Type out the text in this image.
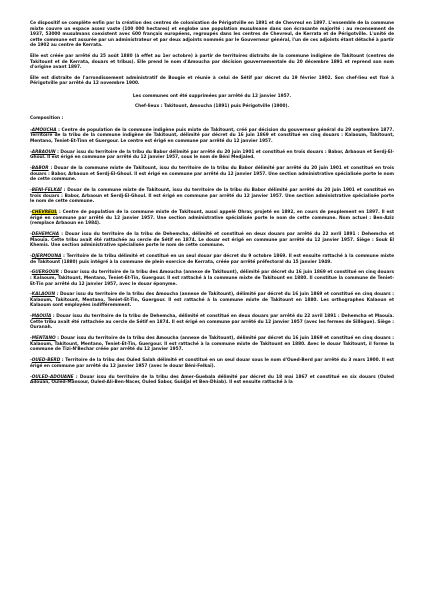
Ce dispositif se complète enfin par la création des centres de colonisation de Périgotville en 1891 et de Chevreul en 1897. L'ensemble de la commune mixte couvre un espace assez vaste (100 000 hectares) et englobe une population musulmane dans son écrasante majorité : au recensement de 1937, 53000 musulmans coexistent avec 600 français européens, regroupés dans les centres de Chevreul, de Kerrata et de Périgotville. L'unité de cette commune est assurée par un administrateur et par deux adjoints nommés par le Gouverneur général, l'un de ces adjoints étant détaché à partir de 1902 au centre de Kerrata.

Elle est créée par arrêté du 25 août 1880 (à effet au 1er octobre) à partir de territoires distraits de la commune indigène de Takitount (centres de Takitount et de Kerrata, douars et tribus). Elle prend le nom d'Amoucha par décision gouvernementale du 20 décembre 1891 et reprend son nom d'origine avant 1897.

Elle est distraite de l'arrondissement administratif de Bougie et réunie à celui de Sétif par décret du 19 février 1902. Son chef-lieu est fixé à Périgotville par arrêté du 12 novembre 1900.

Les communes ont été supprimées par arrêté du 12 janvier 1957.

Chef-lieux : Takitount, Amoucha (1891) puis Périgotville (1900).

Composition :

-AMOUCHA : Centre de population de la commune indigène puis mixte de Takitount, créé par décision du gouverneur général du 29 septembre 1877. Territoire de la tribu de la commune indigène de Takitount, délimité par décret du 16 juin 1869 et constitué en cinq douars : Kalaoum, Takitount, Mentano, Teniet-Et-Tinn et Guergour. Le centre est érigé en commune par arrêté du 12 janvier 1957.

-ARBAOUN : Douar issu du territoire de la tribu du Babor délimité par arrêté du 20 juin 1901 et constitué en trois douars : Babor, Arbaoun et Serdj-El-Ghoul. Il est érigé en commune par arrêté du 12 janvier 1957, sous le nom de Béni Medjaled.

-BABOR : Douar de la commune mixte de Takitount, issu du territoire de la tribu du Babor délimité par arrêté du 20 juin 1901 et constitué en trois douars : Babor, Arbaoun et Serdj-El-Ghoul. Il est érigé en commune par arrêté du 12 janvier 1957. Une section administrative spécialisée porte le nom de cette commune.

-BENI-FELKAÏ : Douar de la commune mixte de Takitount, issu du territoire de la tribu du Babor délimité par arrêté du 20 juin 1901 et constitué en trois douars : Babor, Arbaoun et Serdj-El-Ghoul. Il est érigé en commune par arrêté du 12 janvier 1957. Une section administrative spécialisée porte le nom de cette commune.

-CHEVREUL : Centre de population de la commune mixte de Takitount, aussi appelé Ohrar, projeté en 1892, en cours de peuplement en 1897. Il est érigé en commune par arrêté du 12 janvier 1957. Une section administrative spécialisée porte le nom de cette commune. Nom actuel : Ben-Aziz (remplace Arbaoun en 1984).

-DEHEMCHA : Douar issu du territoire de la tribu de Dehemcha, délimité et constitué en deux douars par arrêté du 22 avril 1891 : Dehemcha et Maouïa. Cette tribu avait été rattachée au cercle de Sétif en 1874. Le douar est érigé en commune par arrêté du 12 janvier 1957. Siège : Souk El Khemis. Une section administrative spécialisée porte le nom de cette commune.

-DJERMOUNA : Territoire de la tribu délimité et constitué en un seul douar par décret du 9 octobre 1869. Il est ensuite rattaché à la commune mixte de Takitount (1880) puis intégré à la commune de plein exercice de Kerrata, créée par arrêté préfectoral du 15 janvier 1949.

-GUERGOUR : Douar issu du territoire de la tribu des Amoucha (annexe de Takitount), délimité par décret du 16 juin 1869 et constitué en cinq douars : Kalaoum, Takitount, Mentano, Teniet-Et-Tin, Guergour. Il est rattaché à la commune mixte de Takitount en 1880. Il constitue la commune de Teniet-Et-Tin par arrêté du 12 janvier 1957, avec le douar éponyme.

-KALAOUN : Douar issu du territoire de la tribu des Amoucha (annexe de Takitount), délimité par décret du 16 juin 1869 et constitué en cinq douars : Kalaoum, Takitount, Mentano, Teniet-Et-Tin, Guergour. Il est rattaché à la commune mixte de Takitount en 1880. Les orthographes Kalaoun et Kalaoum sont employées indifféremment.

-MAOUÏA : Douar issu du territoire de la tribu de Dehemcha, délimité et constitué en deux douars par arrêté du 22 avril 1891 : Dehemcha et Maouïa. Cette tribu avait été rattachée au cercle de Sétif en 1874. Il est érigé en commune par arrêté du 12 janvier 1957 (avec les fermes de Sillègue). Siège : Ouranah.

-MENTANO : Douar issu du territoire de la tribu des Amoucha (annexe de Takitount), délimité par décret du 16 juin 1869 et constitué en cinq douars : Kalaoum, Takitount, Mentano, Teniet-Et-Tin, Guergour. Il est rattaché à la commune mixte de Takitount en 1880. Avec le douar Takitount, il forme la commune de Tizi-N'Bechar créée par arrêté du 12 janvier 1957.

-OUED-BERD : Territoire de la tribu des Ouled Salah délimité et constitué en un seul douar sous le nom d'Oued-Berd par arrêté du 3 mars 1900. Il est érigé en commune par arrêté du 12 janvier 1957 (avec le douar Béni-Felkaï).

-OULED-ADOUANE : Douar issu du territoire de la tribu des Amer-Guebala délimité par décret du 18 mai 1867 et constitué en six douars (Ouled Adouan, Ouled-Mansour, Ouled-Ali-Ben-Nacer, Ouled Sabor, Guidjal et Ben-Dhiab). Il est ensuite rattaché à la
